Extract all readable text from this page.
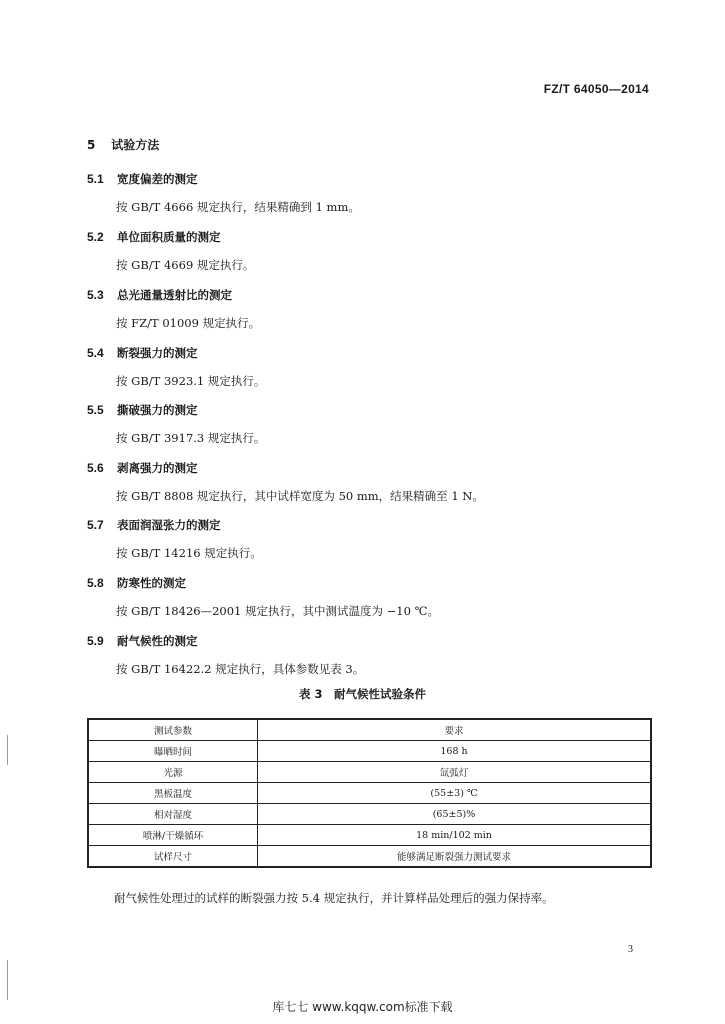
FZ/T 64050—2014
5 试验方法
5.1 宽度偏差的测定
按 GB/T 4666 规定执行，结果精确到 1 mm。
5.2 单位面积质量的测定
按 GB/T 4669 规定执行。
5.3 总光通量透射比的测定
按 FZ/T 01009 规定执行。
5.4 断裂强力的测定
按 GB/T 3923.1 规定执行。
5.5 撕破强力的测定
按 GB/T 3917.3 规定执行。
5.6 剥离强力的测定
按 GB/T 8808 规定执行，其中试样宽度为 50 mm，结果精确至 1 N。
5.7 表面润湿张力的测定
按 GB/T 14216 规定执行。
5.8 防寒性的测定
按 GB/T 18426—2001 规定执行，其中测试温度为 −10 ℃。
5.9 耐气候性的测定
按 GB/T 16422.2 规定执行，具体参数见表 3。
表 3　耐气候性试验条件
测试参数	要求
曝晒时间	168 h
光源	氙弧灯
黑板温度	(55±3) ℃
相对湿度	(65±5)%
喷淋/干燥循环	18 min/102 min
试样尺寸	能够满足断裂强力测试要求
耐气候性处理过的试样的断裂强力按 5.4 规定执行，并计算样品处理后的强力保持率。
3
库七七 www.kqqw.com标准下载
